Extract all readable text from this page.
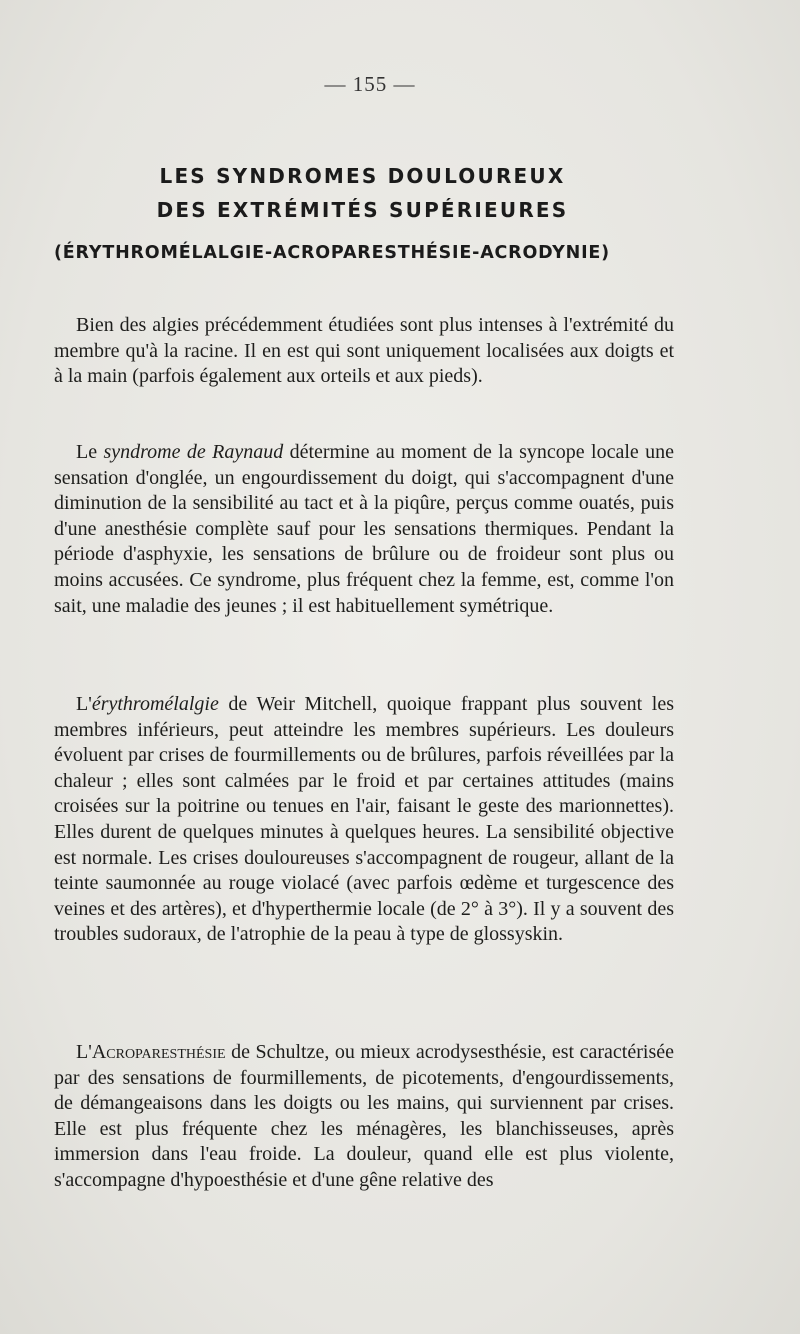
— 155 —
LES SYNDROMES DOULOUREUX
DES EXTRÉMITÉS SUPÉRIEURES
(ÉRYTHROMÉLALGIE-ACROPARESTHÉSIE-ACRODYNIE)

Bien des algies précédemment étudiées sont plus intenses à l'extrémité du membre qu'à la racine. Il en est qui sont uniquement localisées aux doigts et à la main (parfois également aux orteils et aux pieds).

Le syndrome de Raynaud détermine au moment de la syncope locale une sensation d'onglée, un engourdissement du doigt, qui s'accompagnent d'une diminution de la sensibilité au tact et à la piqûre, perçus comme ouatés, puis d'une anesthésie complète sauf pour les sensations thermiques. Pendant la période d'asphyxie, les sensations de brûlure ou de froideur sont plus ou moins accusées. Ce syndrome, plus fréquent chez la femme, est, comme l'on sait, une maladie des jeunes ; il est habituellement symétrique.

L'érythromélalgie de Weir Mitchell, quoique frappant plus souvent les membres inférieurs, peut atteindre les membres supérieurs. Les douleurs évoluent par crises de fourmillements ou de brûlures, parfois réveillées par la chaleur ; elles sont calmées par le froid et par certaines attitudes (mains croisées sur la poitrine ou tenues en l'air, faisant le geste des marionnettes). Elles durent de quelques minutes à quelques heures. La sensibilité objective est normale. Les crises douloureuses s'accompagnent de rougeur, allant de la teinte saumonnée au rouge violacé (avec parfois œdème et turgescence des veines et des artères), et d'hyperthermie locale (de 2° à 3°). Il y a souvent des troubles sudoraux, de l'atrophie de la peau à type de glossyskin.

L'Acroparesthésie de Schultze, ou mieux acrodysesthésie, est caractérisée par des sensations de fourmillements, de picotements, d'engourdissements, de démangeaisons dans les doigts ou les mains, qui surviennent par crises. Elle est plus fréquente chez les ménagères, les blanchisseuses, après immersion dans l'eau froide. La douleur, quand elle est plus violente, s'accompagne d'hypoesthésie et d'une gêne relative des
